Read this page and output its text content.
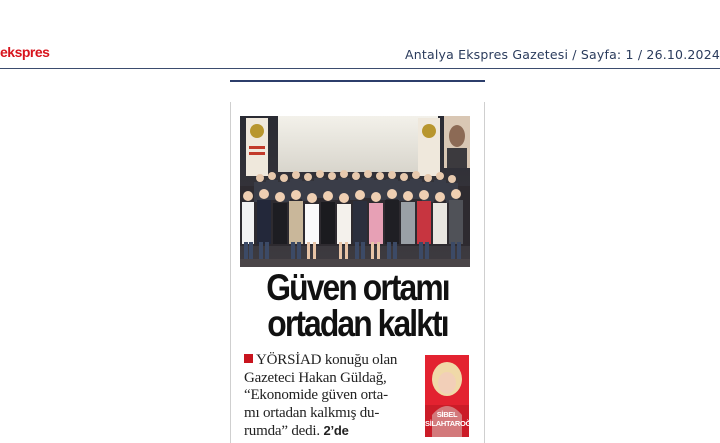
ekspres	Antalya Ekspres Gazetesi / Sayfa: 1 / 26.10.2024
Güven ortamı
ortadan kalktı
YÖRSİAD konuğu olan
Gazeteci Hakan Güldağ,
“Ekonomide güven orta-
mı ortadan kalkmış du-
rumda” dedi. 2’de
SİBEL
SİLAHTAROĞLU
